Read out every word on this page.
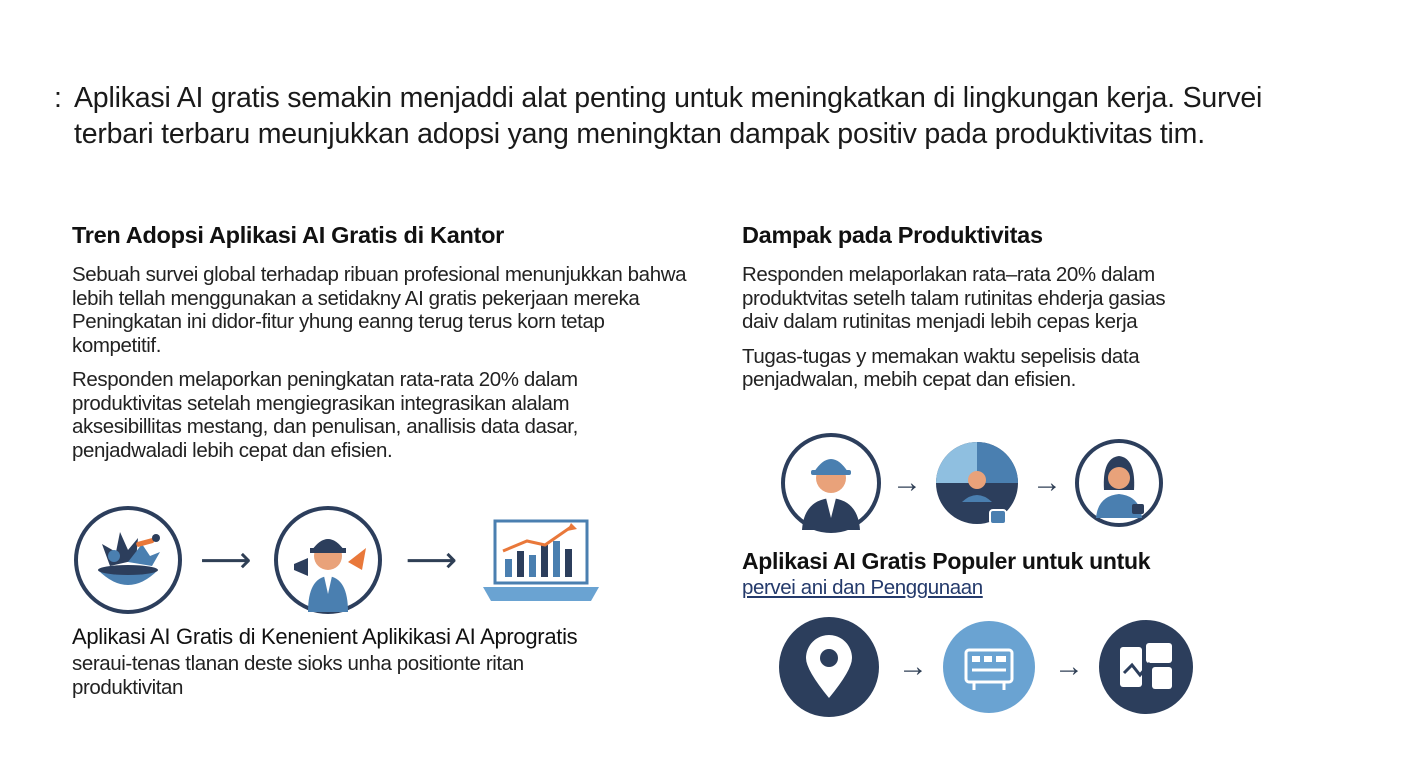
: Aplikasi AI gratis semakin menjaddi alat penting untuk meningkatkan di lingkungan kerja. Survei
terbari terbaru meunjukkan adopsi yang meningktan dampak positiv pada produktivitas tim.
Tren Adopsi Aplikasi AI Gratis di Kantor
Sebuah survei global terhadap ribuan profesional menunjukkan bahwa
lebih tellah menggunakan a setidakny AI gratis pekerjaan mereka
Peningkatan ini didor-fitur yhung eanng terug terus korn tetap
kompetitif.
Responden melaporkan peningkatan rata-rata 20% dalam
produktivitas setelah mengiegrasikan integrasikan alalam
aksesibillitas mestang, dan penulisan, anallisis data dasar,
penjadwaladi lebih cepat dan efisien.
⟶	⟶
Aplikasi AI Gratis di Kenenient Aplikikasi AI Aprogratis
seraui-tenas tlanan deste sioks unha positionte ritan
produktivitan
Dampak pada Produktivitas
Responden melaporlakan rata–rata 20% dalam
produktvitas setelh talam rutinitas ehderja gasias
daiv dalam rutinitas menjadi lebih cepas kerja
Tugas-tugas y memakan waktu sepelisis data
penjadwalan, mebih cepat dan efisien.
→	→
Aplikasi AI Gratis Populer untuk untuk
pervei ani dan Penggunaan
→	→
